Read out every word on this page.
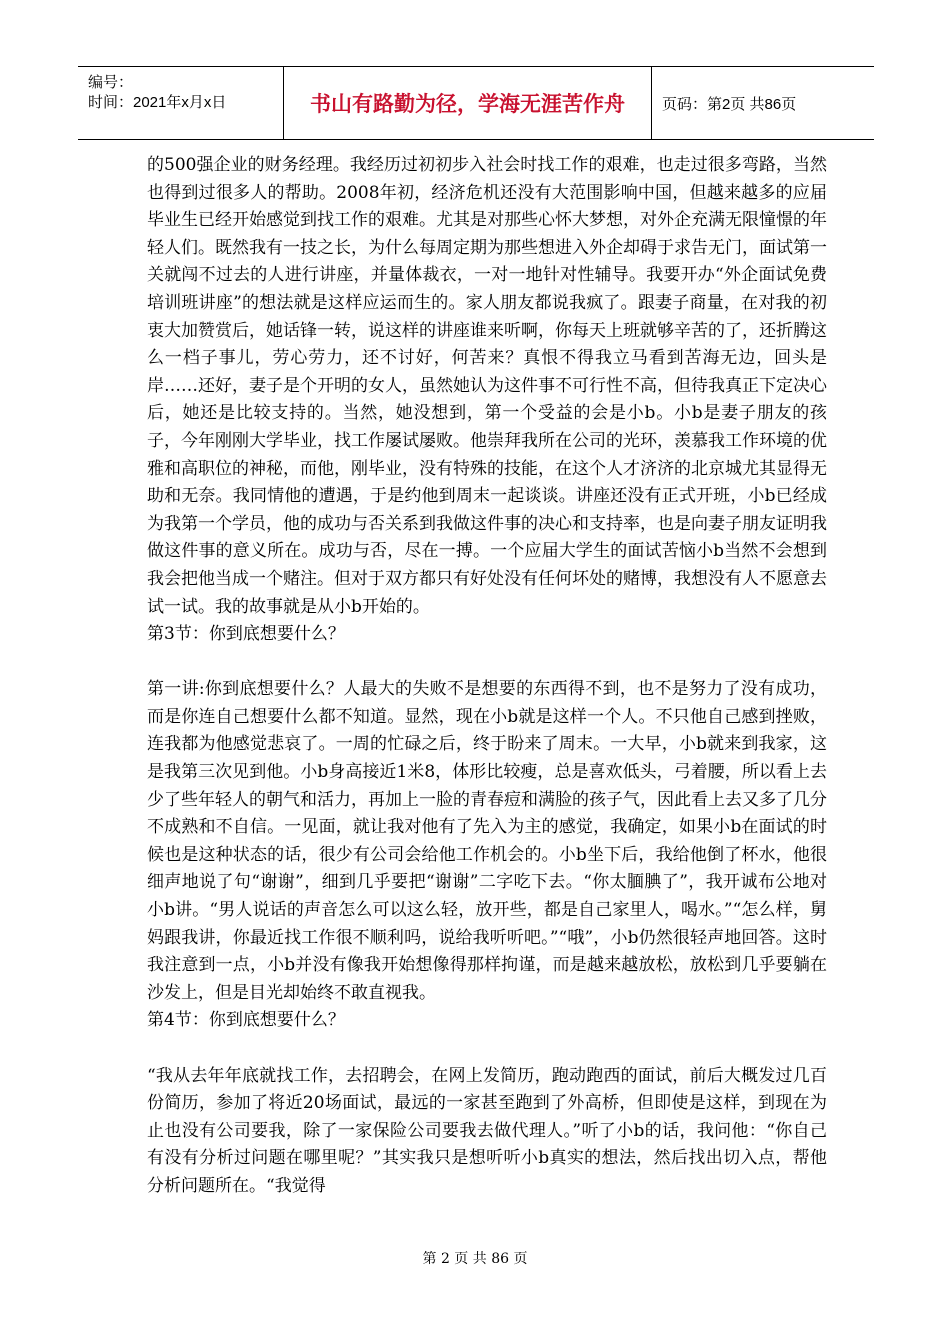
编号：
时间：2021年x月x日	书山有路勤为径，学海无涯苦作舟	页码：第2页 共86页

的500强企业的财务经理。我经历过初初步入社会时找工作的艰难，也走过很多弯路，当然也得到过很多人的帮助。2008年初，经济危机还没有大范围影响中国，但越来越多的应届毕业生已经开始感觉到找工作的艰难。尤其是对那些心怀大梦想，对外企充满无限憧憬的年轻人们。既然我有一技之长，为什么每周定期为那些想进入外企却碍于求告无门，面试第一关就闯不过去的人进行讲座，并量体裁衣，一对一地针对性辅导。我要开办“外企面试免费培训班讲座”的想法就是这样应运而生的。家人朋友都说我疯了。跟妻子商量，在对我的初衷大加赞赏后，她话锋一转，说这样的讲座谁来听啊，你每天上班就够辛苦的了，还折腾这么一档子事儿，劳心劳力，还不讨好，何苦来？真恨不得我立马看到苦海无边，回头是岸……还好，妻子是个开明的女人，虽然她认为这件事不可行性不高，但待我真正下定决心后，她还是比较支持的。当然，她没想到，第一个受益的会是小b。小b是妻子朋友的孩子，今年刚刚大学毕业，找工作屡试屡败。他崇拜我所在公司的光环，羡慕我工作环境的优雅和高职位的神秘，而他，刚毕业，没有特殊的技能，在这个人才济济的北京城尤其显得无助和无奈。我同情他的遭遇，于是约他到周末一起谈谈。讲座还没有正式开班，小b已经成为我第一个学员，他的成功与否关系到我做这件事的决心和支持率，也是向妻子朋友证明我做这件事的意义所在。成功与否，尽在一搏。一个应届大学生的面试苦恼小b当然不会想到我会把他当成一个赌注。但对于双方都只有好处没有任何坏处的赌博，我想没有人不愿意去试一试。我的故事就是从小b开始的。

第3节：你到底想要什么？

第一讲:你到底想要什么？人最大的失败不是想要的东西得不到，也不是努力了没有成功，而是你连自己想要什么都不知道。显然，现在小b就是这样一个人。不只他自己感到挫败，连我都为他感觉悲哀了。一周的忙碌之后，终于盼来了周末。一大早，小b就来到我家，这是我第三次见到他。小b身高接近1米8，体形比较瘦，总是喜欢低头，弓着腰，所以看上去少了些年轻人的朝气和活力，再加上一脸的青春痘和满脸的孩子气，因此看上去又多了几分不成熟和不自信。一见面，就让我对他有了先入为主的感觉，我确定，如果小b在面试的时候也是这种状态的话，很少有公司会给他工作机会的。小b坐下后，我给他倒了杯水，他很细声地说了句“谢谢”，细到几乎要把“谢谢”二字吃下去。“你太腼腆了”，我开诚布公地对小b讲。“男人说话的声音怎么可以这么轻，放开些，都是自己家里人，喝水。”“怎么样，舅妈跟我讲，你最近找工作很不顺利吗，说给我听听吧。”“哦”，小b仍然很轻声地回答。这时我注意到一点，小b并没有像我开始想像得那样拘谨，而是越来越放松，放松到几乎要躺在沙发上，但是目光却始终不敢直视我。

第4节：你到底想要什么？

“我从去年年底就找工作，去招聘会，在网上发简历，跑动跑西的面试，前后大概发过几百份简历，参加了将近20场面试，最远的一家甚至跑到了外高桥，但即使是这样，到现在为止也没有公司要我，除了一家保险公司要我去做代理人。”听了小b的话，我问他：“你自己有没有分析过问题在哪里呢？”其实我只是想听听小b真实的想法，然后找出切入点，帮他分析问题所在。“我觉得

第 2 页 共 86 页
